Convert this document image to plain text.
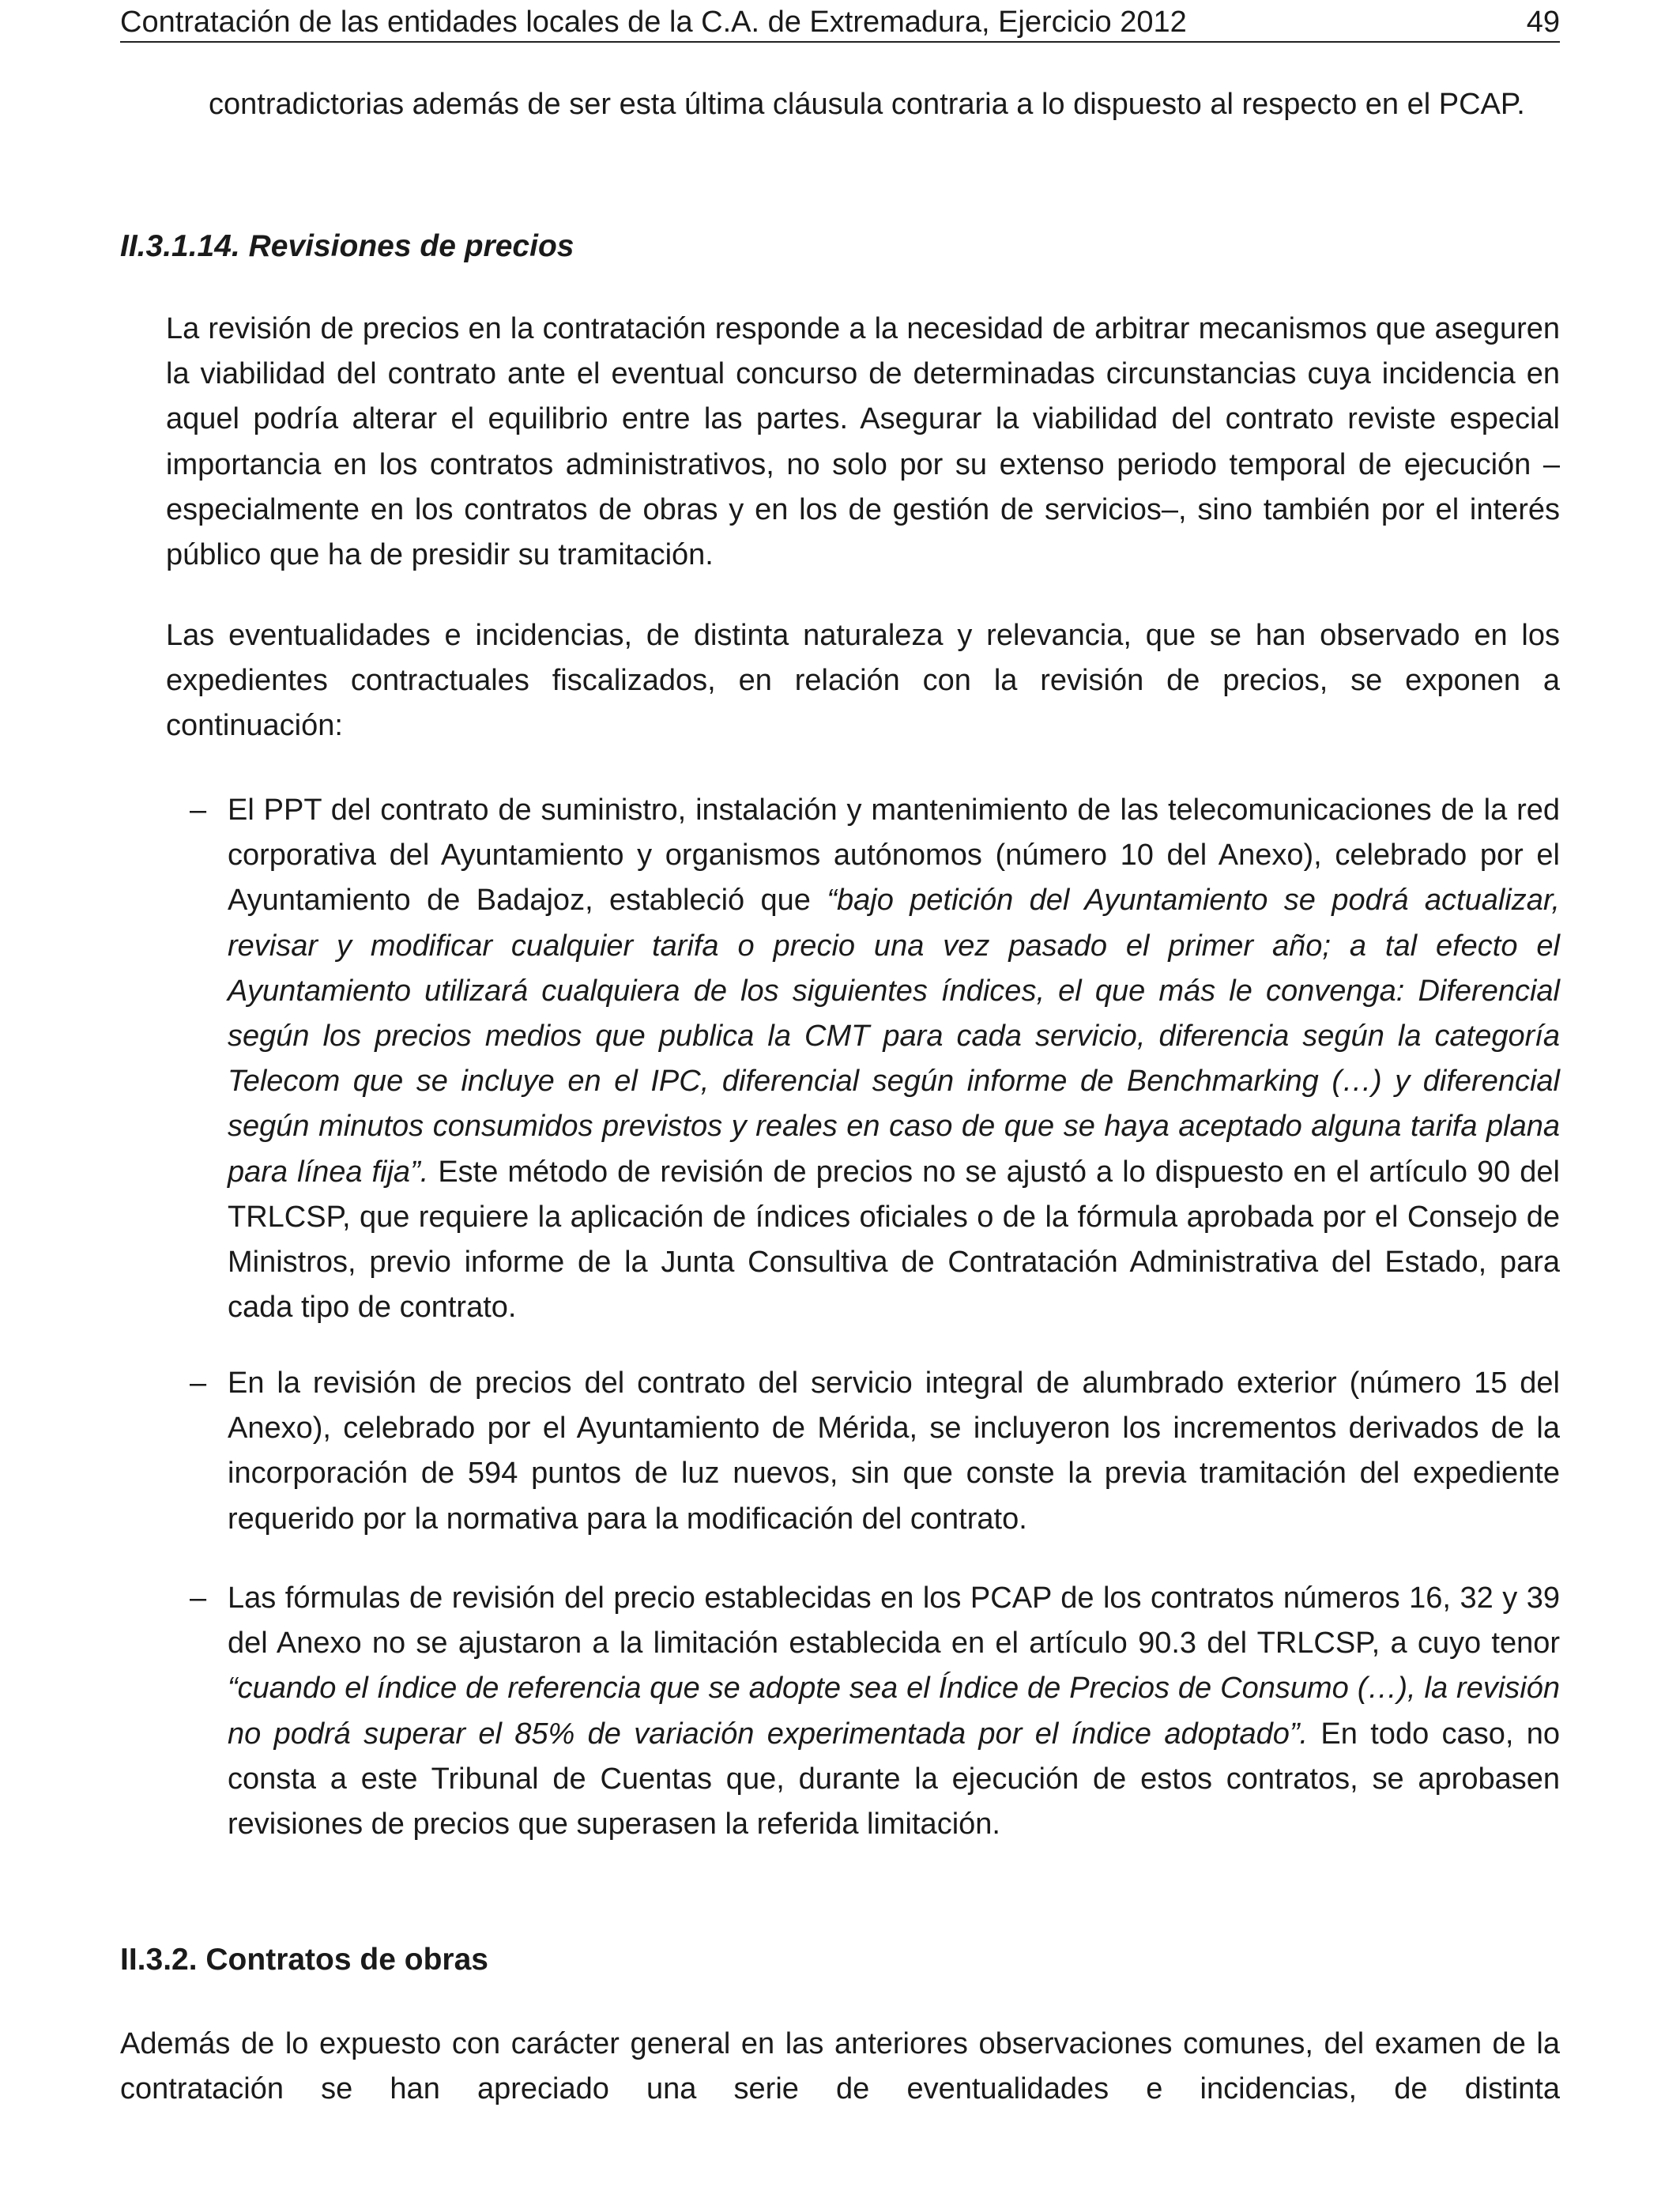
Contratación de las entidades locales de la C.A. de Extremadura, Ejercicio 2012	49

contradictorias además de ser esta última cláusula contraria a lo dispuesto al respecto en el PCAP.

II.3.1.14. Revisiones de precios

La revisión de precios en la contratación responde a la necesidad de arbitrar mecanismos que aseguren la viabilidad del contrato ante el eventual concurso de determinadas circunstancias cuya incidencia en aquel podría alterar el equilibrio entre las partes. Asegurar la viabilidad del contrato reviste especial importancia en los contratos administrativos, no solo por su extenso periodo temporal de ejecución –especialmente en los contratos de obras y en los de gestión de servicios–, sino también por el interés público que ha de presidir su tramitación.

Las eventualidades e incidencias, de distinta naturaleza y relevancia, que se han observado en los expedientes contractuales fiscalizados, en relación con la revisión de precios, se exponen a continuación:

– El PPT del contrato de suministro, instalación y mantenimiento de las telecomunicaciones de la red corporativa del Ayuntamiento y organismos autónomos (número 10 del Anexo), celebrado por el Ayuntamiento de Badajoz, estableció que “bajo petición del Ayuntamiento se podrá actualizar, revisar y modificar cualquier tarifa o precio una vez pasado el primer año; a tal efecto el Ayuntamiento utilizará cualquiera de los siguientes índices, el que más le convenga: Diferencial según los precios medios que publica la CMT para cada servicio, diferencia según la categoría Telecom que se incluye en el IPC, diferencial según informe de Benchmarking (…) y diferencial según minutos consumidos previstos y reales en caso de que se haya aceptado alguna tarifa plana para línea fija”. Este método de revisión de precios no se ajustó a lo dispuesto en el artículo 90 del TRLCSP, que requiere la aplicación de índices oficiales o de la fórmula aprobada por el Consejo de Ministros, previo informe de la Junta Consultiva de Contratación Administrativa del Estado, para cada tipo de contrato.

– En la revisión de precios del contrato del servicio integral de alumbrado exterior (número 15 del Anexo), celebrado por el Ayuntamiento de Mérida, se incluyeron los incrementos derivados de la incorporación de 594 puntos de luz nuevos, sin que conste la previa tramitación del expediente requerido por la normativa para la modificación del contrato.

– Las fórmulas de revisión del precio establecidas en los PCAP de los contratos números 16, 32 y 39 del Anexo no se ajustaron a la limitación establecida en el artículo 90.3 del TRLCSP, a cuyo tenor “cuando el índice de referencia que se adopte sea el Índice de Precios de Consumo (…), la revisión no podrá superar el 85% de variación experimentada por el índice adoptado”. En todo caso, no consta a este Tribunal de Cuentas que, durante la ejecución de estos contratos, se aprobasen revisiones de precios que superasen la referida limitación.

II.3.2. Contratos de obras

Además de lo expuesto con carácter general en las anteriores observaciones comunes, del examen de la contratación se han apreciado una serie de eventualidades e incidencias, de distinta
